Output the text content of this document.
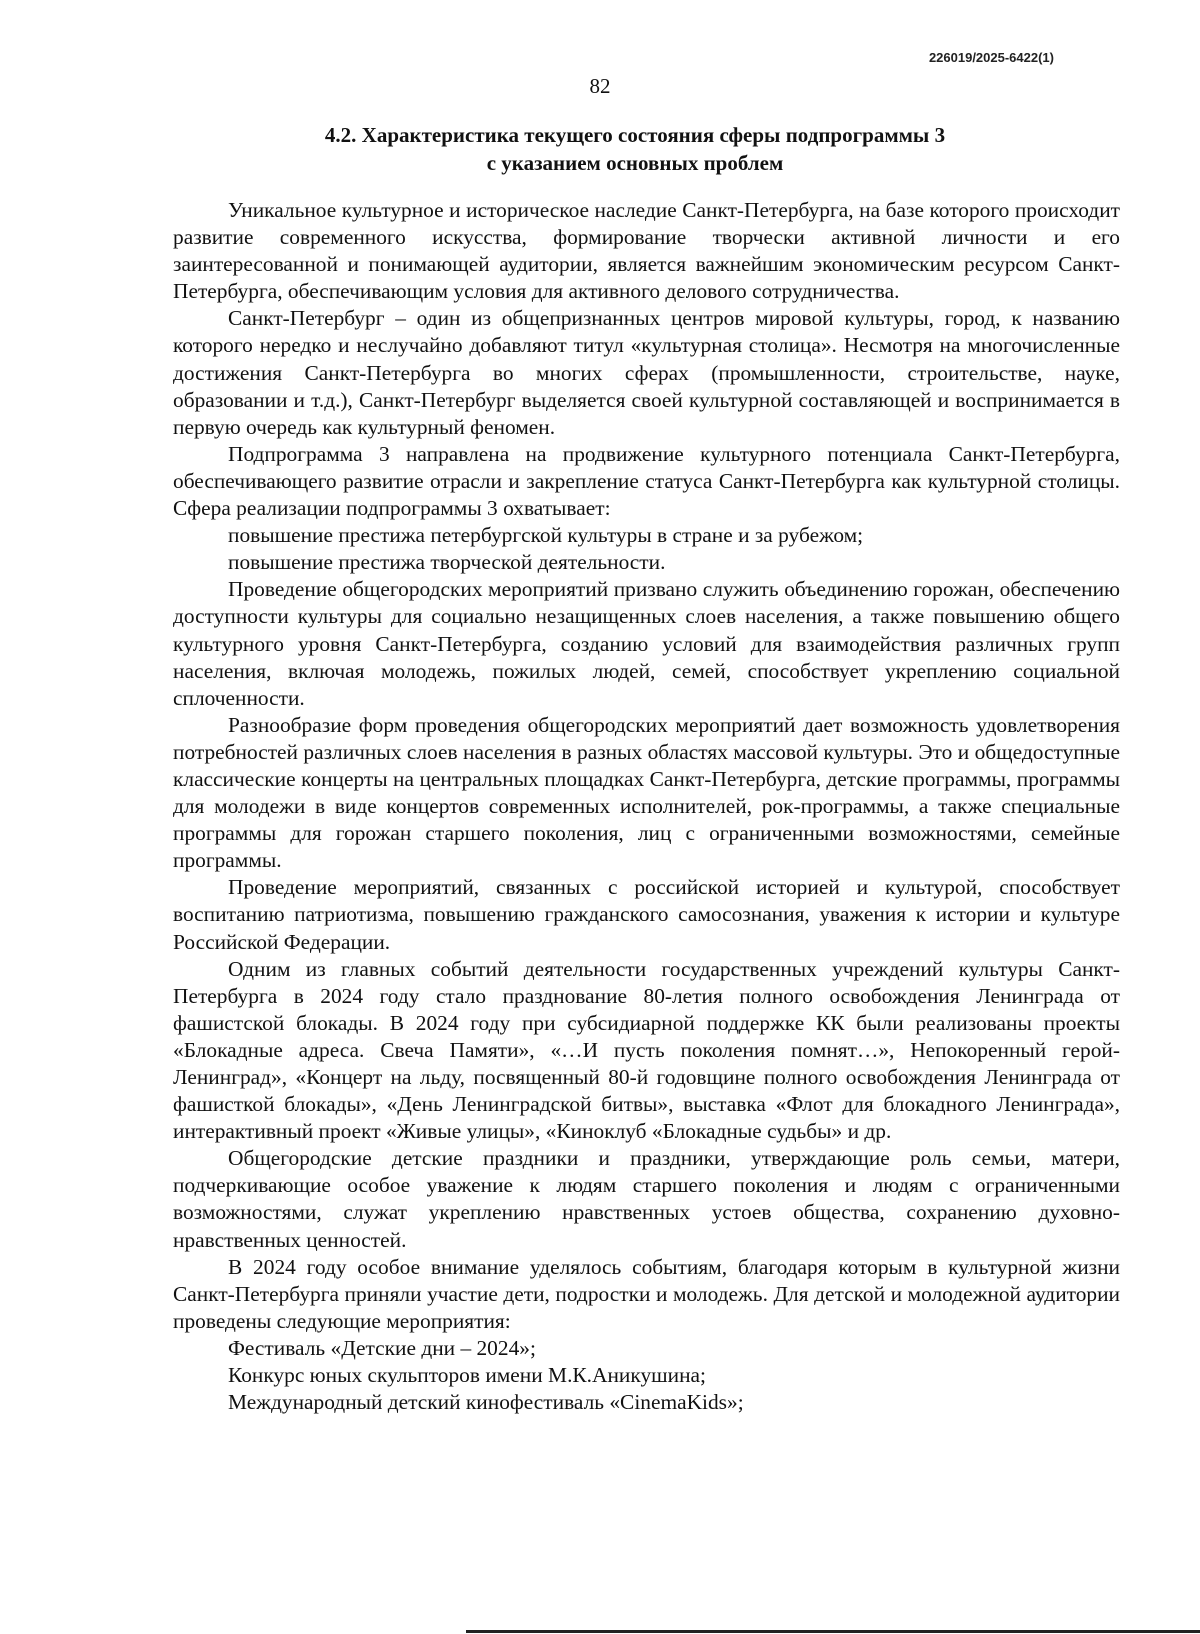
226019/2025-6422(1)
82
4.2. Характеристика текущего состояния сферы подпрограммы 3
с указанием основных проблем

Уникальное культурное и историческое наследие Санкт-Петербурга, на базе которого происходит развитие современного искусства, формирование творчески активной личности и его заинтересованной и понимающей аудитории, является важнейшим экономическим ресурсом Санкт-Петербурга, обеспечивающим условия для активного делового сотрудничества.

Санкт-Петербург – один из общепризнанных центров мировой культуры, город, к названию которого нередко и неслучайно добавляют титул «культурная столица». Несмотря на многочисленные достижения Санкт-Петербурга во многих сферах (промышленности, строительстве, науке, образовании и т.д.), Санкт-Петербург выделяется своей культурной составляющей и воспринимается в первую очередь как культурный феномен.

Подпрограмма 3 направлена на продвижение культурного потенциала Санкт-Петербурга, обеспечивающего развитие отрасли и закрепление статуса Санкт-Петербурга как культурной столицы. Сфера реализации подпрограммы 3 охватывает:

повышение престижа петербургской культуры в стране и за рубежом;

повышение престижа творческой деятельности.

Проведение общегородских мероприятий призвано служить объединению горожан, обеспечению доступности культуры для социально незащищенных слоев населения, а также повышению общего культурного уровня Санкт-Петербурга, созданию условий для взаимодействия различных групп населения, включая молодежь, пожилых людей, семей, способствует укреплению социальной сплоченности.

Разнообразие форм проведения общегородских мероприятий дает возможность удовлетворения потребностей различных слоев населения в разных областях массовой культуры. Это и общедоступные классические концерты на центральных площадках Санкт-Петербурга, детские программы, программы для молодежи в виде концертов современных исполнителей, рок-программы, а также специальные программы для горожан старшего поколения, лиц с ограниченными возможностями, семейные программы.

Проведение мероприятий, связанных с российской историей и культурой, способствует воспитанию патриотизма, повышению гражданского самосознания, уважения к истории и культуре Российской Федерации.

Одним из главных событий деятельности государственных учреждений культуры Санкт-Петербурга в 2024 году стало празднование 80-летия полного освобождения Ленинграда от фашистской блокады. В 2024 году при субсидиарной поддержке КК были реализованы проекты «Блокадные адреса. Свеча Памяти», «…И пусть поколения помнят…», Непокоренный герой-Ленинград», «Концерт на льду, посвященный 80-й годовщине полного освобождения Ленинграда от фашисткой блокады», «День Ленинградской битвы», выставка «Флот для блокадного Ленинграда», интерактивный проект «Живые улицы», «Киноклуб «Блокадные судьбы» и др.

Общегородские детские праздники и праздники, утверждающие роль семьи, матери, подчеркивающие особое уважение к людям старшего поколения и людям с ограниченными возможностями, служат укреплению нравственных устоев общества, сохранению духовно-нравственных ценностей.

В 2024 году особое внимание уделялось событиям, благодаря которым в культурной жизни Санкт-Петербурга приняли участие дети, подростки и молодежь. Для детской и молодежной аудитории проведены следующие мероприятия:

Фестиваль «Детские дни – 2024»;

Конкурс юных скульпторов имени М.К.Аникушина;

Международный детский кинофестиваль «CinemaKids»;
